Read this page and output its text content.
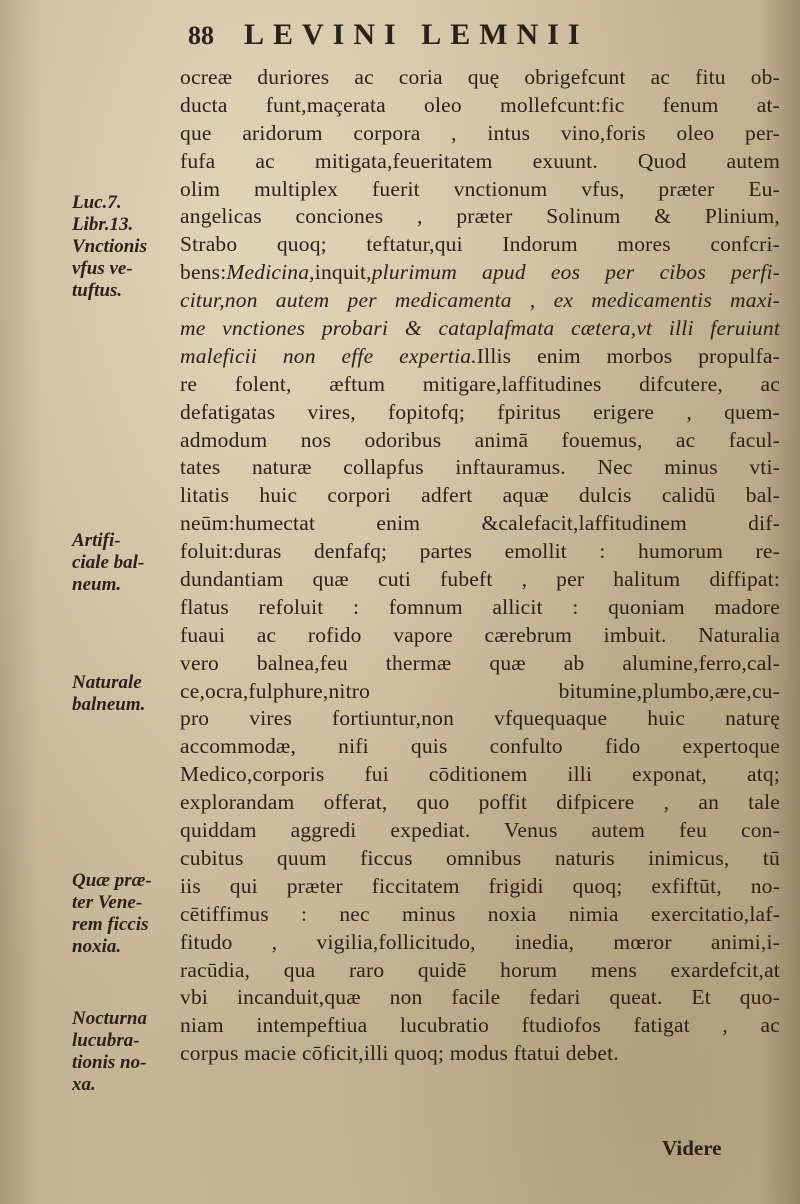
88 LEVINI LEMNII
ocreæ duriores ac coria quę obrigefcunt ac fitu ob-
ducta funt,maçerata oleo mollefcunt:fic fenum at-
que aridorum corpora , intus vino,foris oleo per-
fufa ac mitigata,feueritatem exuunt. Quod autem
olim multiplex fuerit vnctionum vfus, præter Eu-
angelicas conciones , præter Solinum & Plinium,
Strabo quoq; teftatur,qui Indorum mores confcri-
bens:Medicina,inquit,plurimum apud eos per cibos perfi-
citur,non autem per medicamenta , ex medicamentis maxi-
me vnctiones probari & cataplafmata cætera,vt illi feruiunt
maleficii non effe expertia.Illis enim morbos propulfa-
re folent, æftum mitigare,laffitudines difcutere, ac
defatigatas vires, fopitofq; fpiritus erigere , quem-
admodum nos odoribus animā fouemus, ac facul-
tates naturæ collapfus inftauramus. Nec minus vti-
litatis huic corpori adfert aquæ dulcis calidū bal-
neūm:humectat enim &calefacit,laffitudinem dif-
foluit:duras denfafq; partes emollit : humorum re-
dundantiam quæ cuti fubeft , per halitum diffipat:
flatus refoluit : fomnum allicit : quoniam madore
fuaui ac rofido vapore cærebrum imbuit. Naturalia
vero balnea,feu thermæ quæ ab alumine,ferro,cal-
ce,ocra,fulphure,nitro bitumine,plumbo,ære,cu-
pro vires fortiuntur,non vfquequaque huic naturę
accommodæ, nifi quis confulto fido expertoque
Medico,corporis fui cōditionem illi exponat, atq;
explorandam offerat, quo poffit difpicere , an tale
quiddam aggredi expediat. Venus autem feu con-
cubitus quum ficcus omnibus naturis inimicus, tū
iis qui præter ficcitatem frigidi quoq; exfiftūt, no-
cētiffimus : nec minus noxia nimia exercitatio,laf-
fitudo , vigilia,follicitudo, inedia, mœror animi,i-
racūdia, qua raro quidē horum mens exardefcit,at
vbi incanduit,quæ non facile fedari queat. Et quo-
niam intempeftiua lucubratio ftudiofos fatigat , ac
corpus macie cōficit,illi quoq; modus ftatui debet.
Videre
Luc.7.
Libr.13.
Vnctionis
vfus ve-
tuftus.
Artifi-
ciale bal-
neum.
Naturale
balneum.
Quæ præ-
ter Vene-
rem ficcis
noxia.
Nocturna
lucubra-
tionis no-
xa.
